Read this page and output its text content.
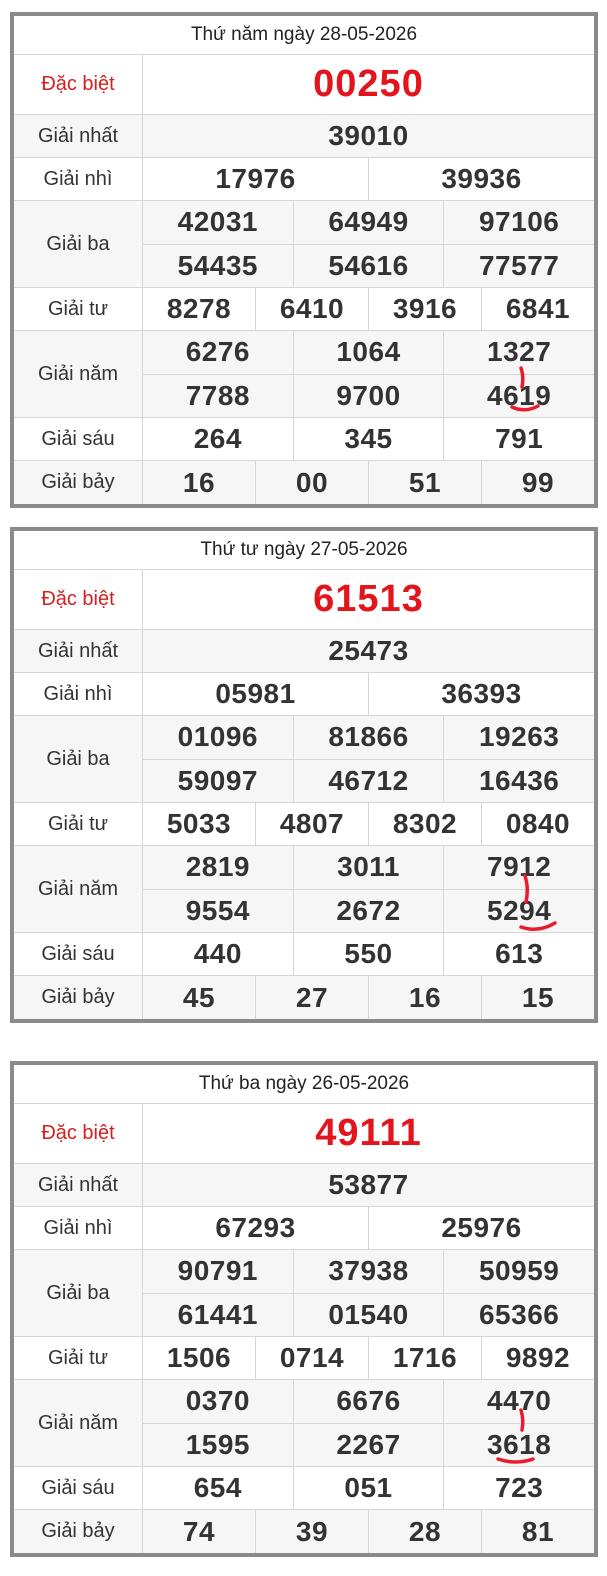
Thứ năm ngày 28-05-2026
Đặc biệt	00250
Giải nhất	39010
Giải nhì	17976	39936
Giải ba
42031	64949	97106
54435	54616	77577
Giải tư	8278	6410	3916	6841
Giải năm
6276	1064	1327
7788	9700	4619
Giải sáu	264	345	791
Giải bảy	16	00	51	99
Thứ tư ngày 27-05-2026
Đặc biệt	61513
Giải nhất	25473
Giải nhì	05981	36393
Giải ba
01096	81866	19263
59097	46712	16436
Giải tư	5033	4807	8302	0840
Giải năm
2819	3011	7912
9554	2672	5294
Giải sáu	440	550	613
Giải bảy	45	27	16	15
Thứ ba ngày 26-05-2026
Đặc biệt	49111
Giải nhất	53877
Giải nhì	67293	25976
Giải ba
90791	37938	50959
61441	01540	65366
Giải tư	1506	0714	1716	9892
Giải năm
0370	6676	4470
1595	2267	3618
Giải sáu	654	051	723
Giải bảy	74	39	28	81
